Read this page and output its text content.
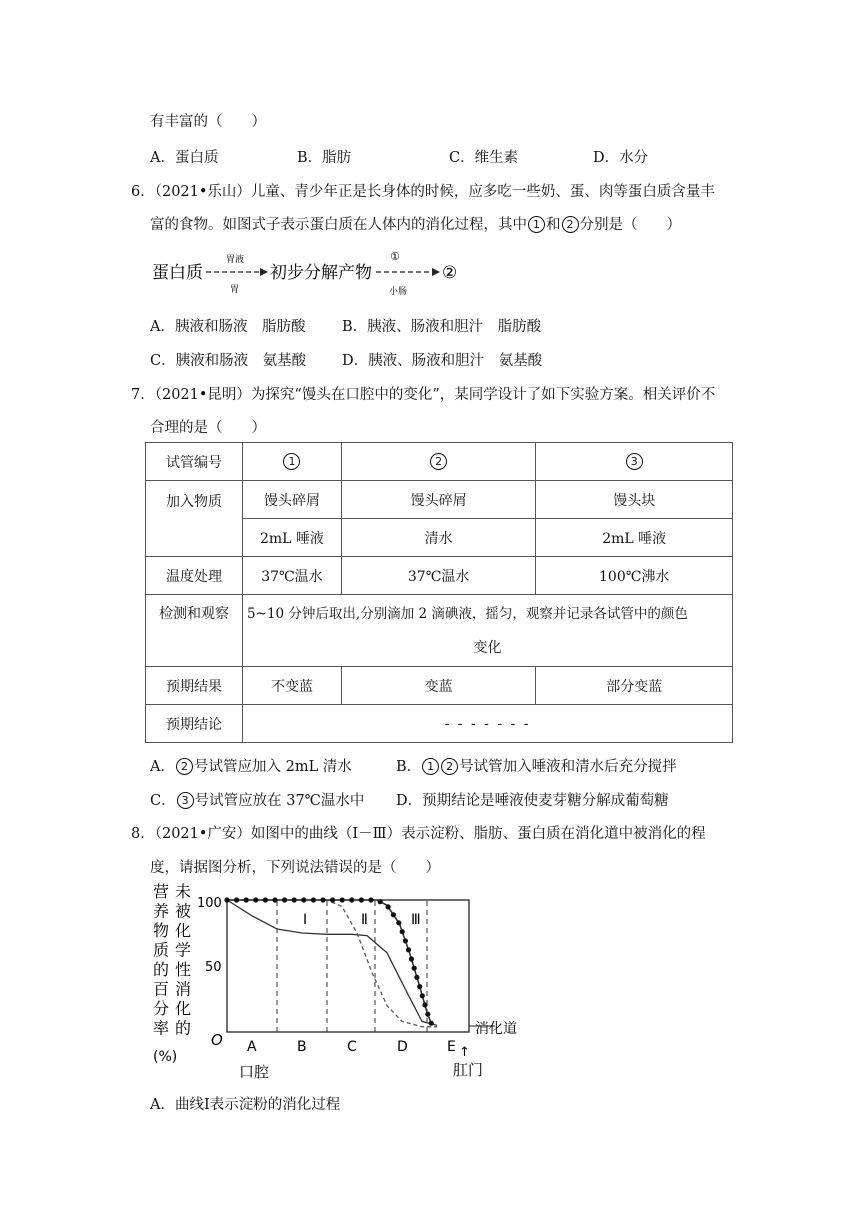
有丰富的（　　）
A．蛋白质	B．脂肪	C．维生素	D．水分
6．（2021•乐山）儿童、青少年正是长身体的时候，应多吃一些奶、蛋、肉等蛋白质含量丰
富的食物。如图式子表示蛋白质在人体内的消化过程，其中 1 和 2 分别是（　　）
蛋白质
胃液
胃
初步分解产物
①
小肠
②
A．胰液和肠液　脂肪酸	B．胰液、肠液和胆汁　脂肪酸
C．胰液和肠液　氨基酸 D．胰液、肠液和胆汁　氨基酸
7．（2021•昆明）为探究“馒头在口腔中的变化”，某同学设计了如下实验方案。相关评价不
合理的是（　　）
试管编号	1	2	3
加入物质	馒头碎屑	馒头碎屑	馒头块
	2mL 唾液	清水	2mL 唾液
温度处理	37℃温水	37℃温水	100℃沸水
检测和观察	5~10 分钟后取出,分别滴加 2 滴碘液，摇匀，观察并记录各试管中的颜色
变化		

预期结果	不变蓝	变蓝	部分变蓝
预期结论	- - - - - - -		
A． 2 号试管应加入 2mL 清水	B． 1 2 号试管加入唾液和清水后充分搅拌
C． 3 号试管应放在 37℃温水中 D．预期结论是唾液使麦芽糖分解成葡萄糖
8．（2021•广安）如图中的曲线（Ⅰ－Ⅲ）表示淀粉、脂肪、蛋白质在消化道中被消化的程
度，请据图分析，下列说法错误的是（　　）
营
养
物
质
的
百
分
率
未
被
化
学
性
消
化
的
(%)
100
50
O A	B	C	D	E
Ⅰ	Ⅱ	Ⅲ
消化道
口腔
↑
肛门
A．曲线Ⅰ表示淀粉的消化过程
